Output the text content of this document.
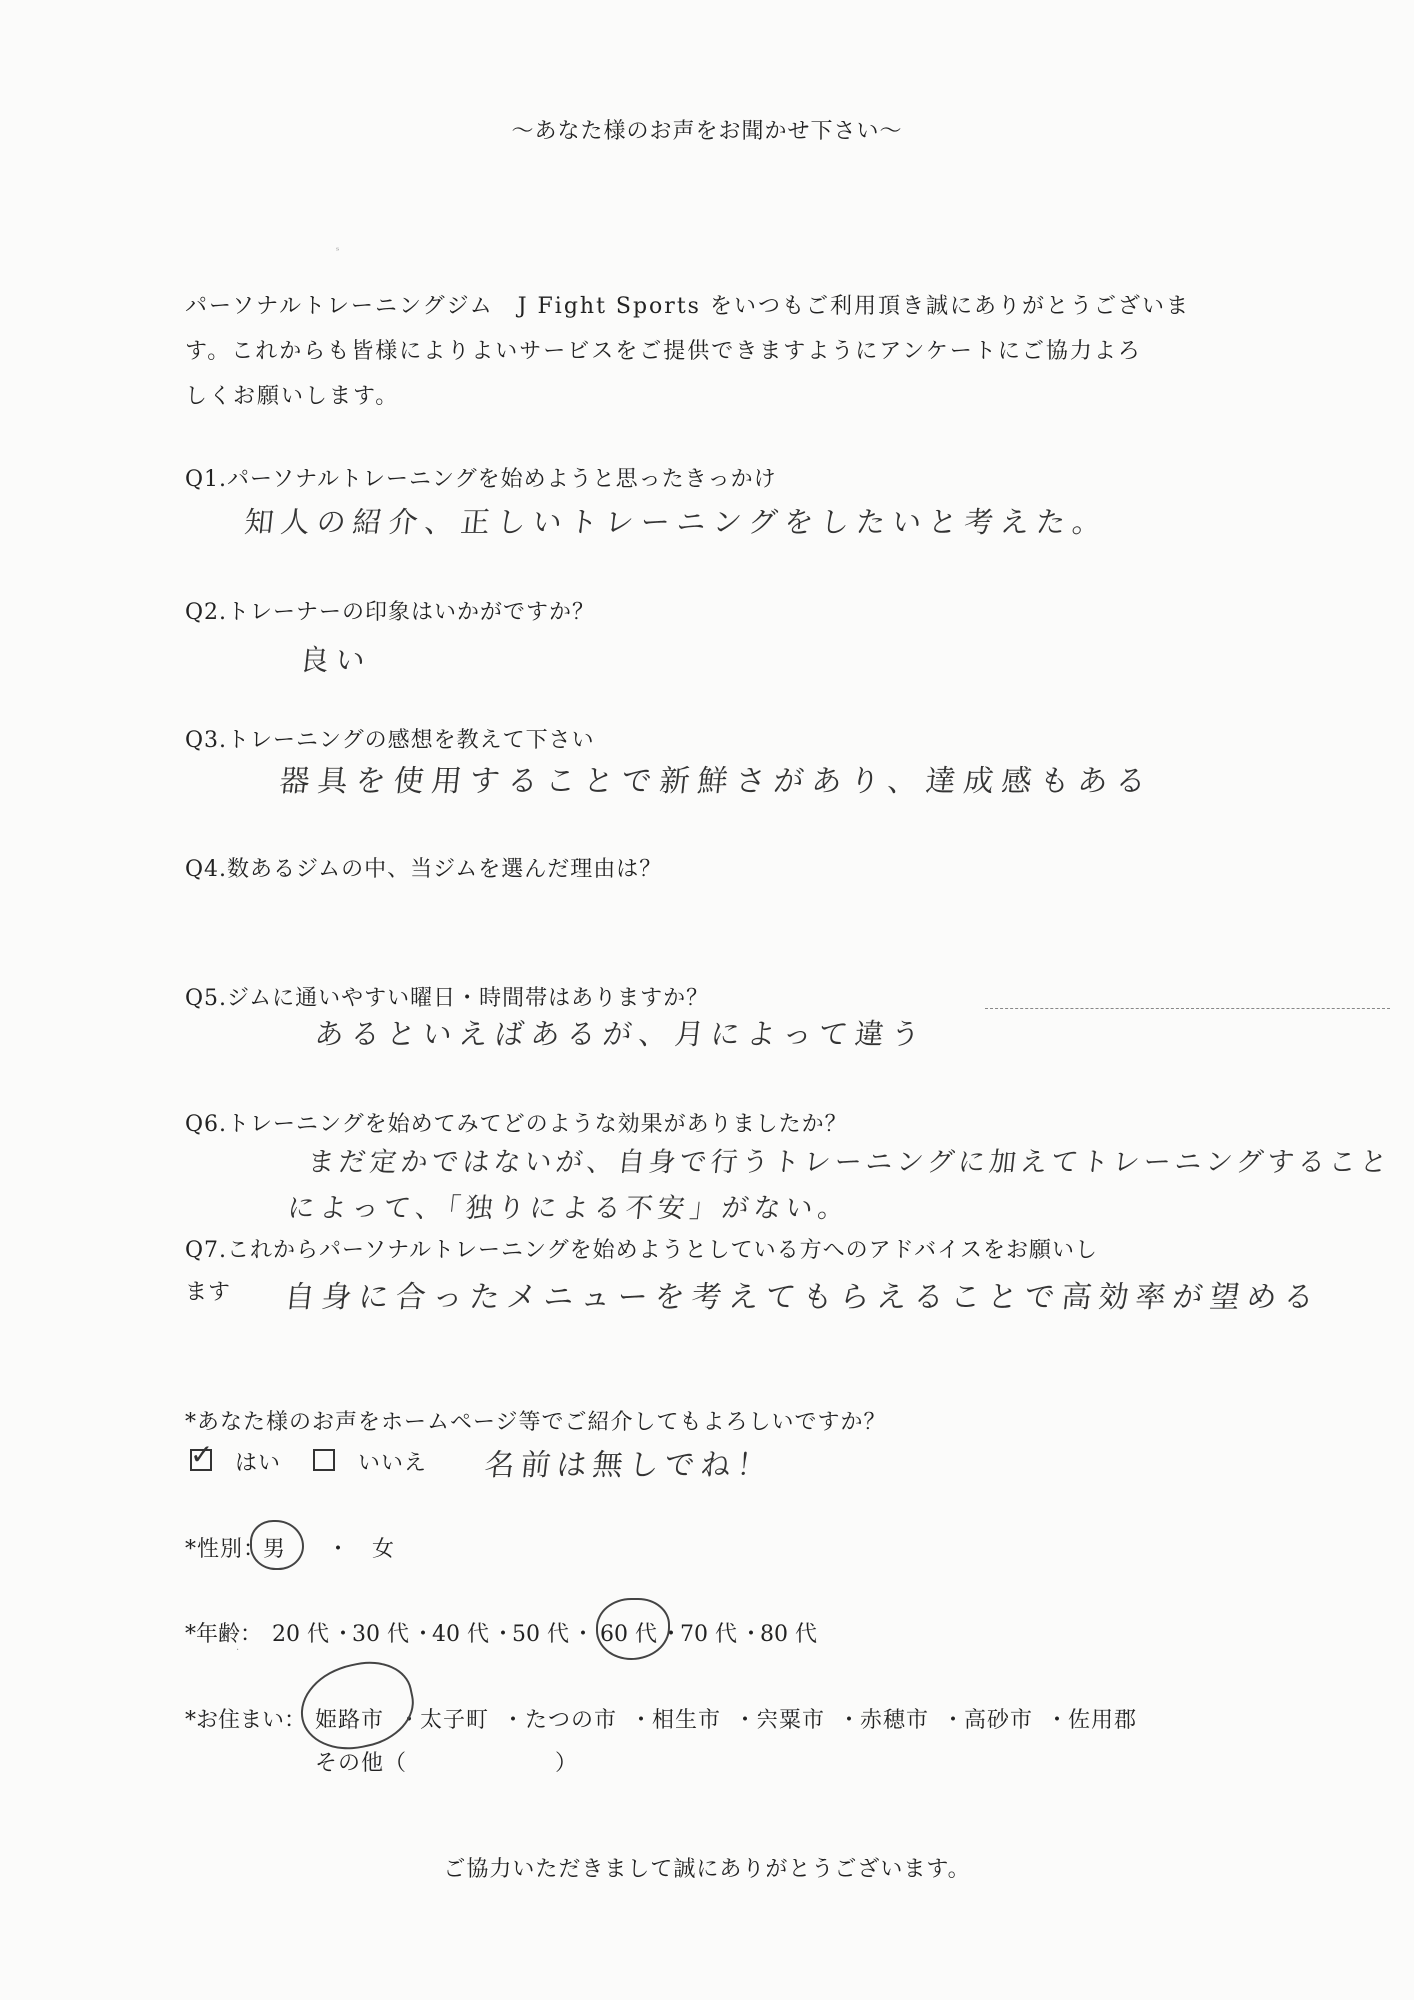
〜あなた様のお声をお聞かせ下さい〜
パーソナルトレーニングジム　J Fight Sports をいつもご利用頂き誠にありがとうございま
す。これからも皆様によりよいサービスをご提供できますようにアンケートにご協力よろ
しくお願いします。
Q1.パーソナルトレーニングを始めようと思ったきっかけ
知人の紹介、正しいトレーニングをしたいと考えた。
Q2.トレーナーの印象はいかがですか？
良い
Q3.トレーニングの感想を教えて下さい
器具を使用することで新鮮さがあり、達成感もある
Q4.数あるジムの中、当ジムを選んだ理由は？
Q5.ジムに通いやすい曜日・時間帯はありますか？
あるといえばあるが、月によって違う
Q6.トレーニングを始めてみてどのような効果がありましたか？
まだ定かではないが、自身で行うトレーニングに加えてトレーニングすること
によって、「独りによる不安」がない。
Q7.これからパーソナルトレーニングを始めようとしている方へのアドバイスをお願いし
ます 自身に合ったメニューを考えてもらえることで高効率が望める
*あなた様のお声をホームページ等でご紹介してもよろしいですか？
✓ はい	いいえ 名前は無しでね！
*性別：
男 ・ 女
*年齢： 20 代 ・
30 代 ・
40 代 ・
50 代 ・ 60 代 ・
70 代 ・
80 代
*お住まい： 姫路市 ・
太子町 ・ たつの市 ・
相生市 ・
宍粟市 ・
赤穂市 ・
高砂市 ・
佐用郡
その他（	）
ご協力いただきまして誠にありがとうございます。
ˢ
·
